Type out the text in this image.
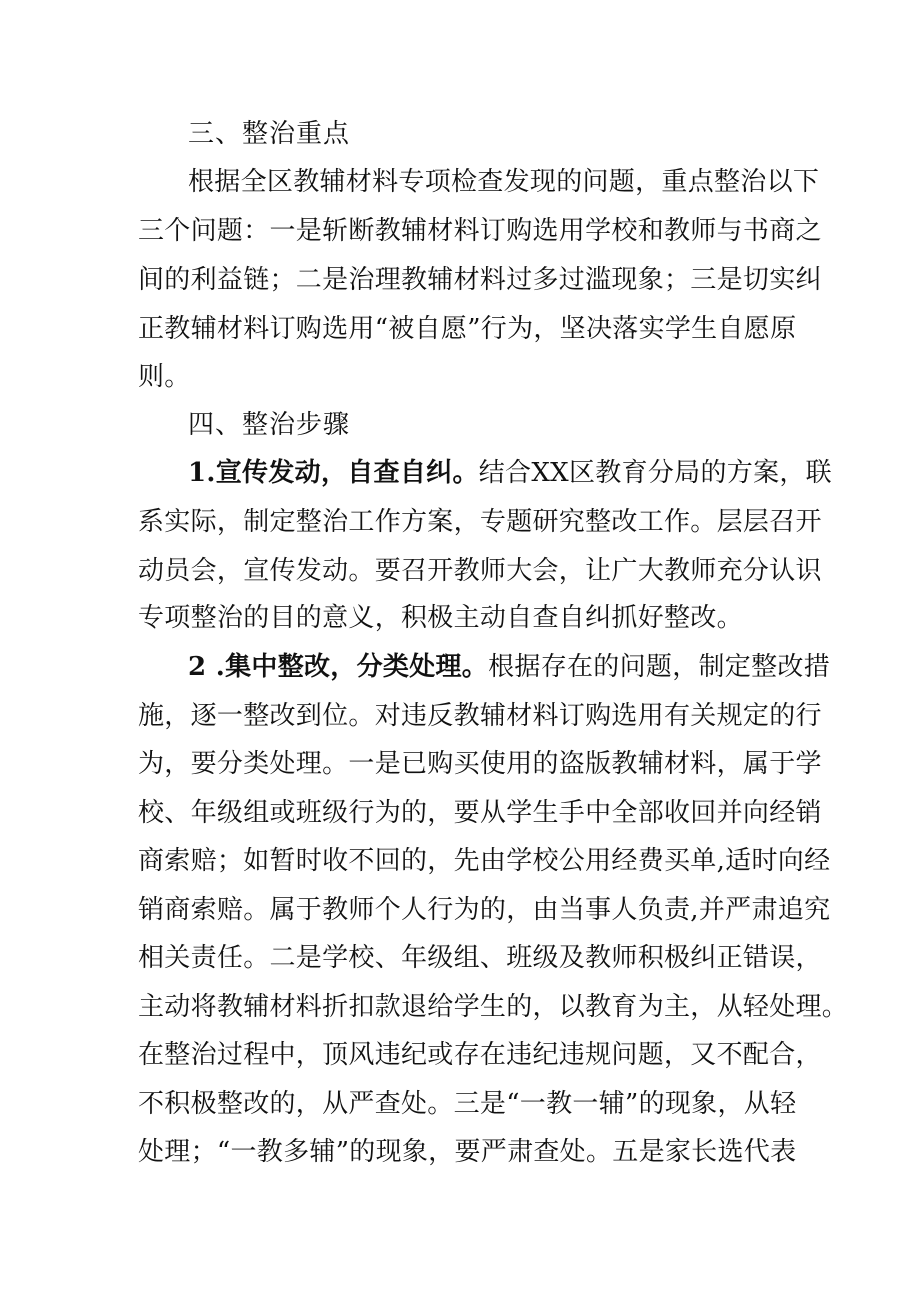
三、整治重点
根据全区教辅材料专项检查发现的问题，重点整治以下
三个问题：一是斩断教辅材料订购选用学校和教师与书商之
间的利益链；二是治理教辅材料过多过滥现象；三是切实纠
正教辅材料订购选用“被自愿”行为，坚决落实学生自愿原
则。
四、整治步骤
1.宣传发动，自查自纠。结合XX区教育分局的方案，联
系实际，制定整治工作方案，专题研究整改工作。层层召开
动员会，宣传发动。要召开教师大会，让广大教师充分认识
专项整治的目的意义，积极主动自查自纠抓好整改。
2 .集中整改，分类处理。根据存在的问题，制定整改措
施，逐一整改到位。对违反教辅材料订购选用有关规定的行
为，要分类处理。一是已购买使用的盗版教辅材料，属于学
校、年级组或班级行为的，要从学生手中全部收回并向经销
商索赔；如暂时收不回的，先由学校公用经费买单,适时向经
销商索赔。属于教师个人行为的，由当事人负责,并严肃追究
相关责任。二是学校、年级组、班级及教师积极纠正错误，
主动将教辅材料折扣款退给学生的，以教育为主，从轻处理。
在整治过程中，顶风违纪或存在违纪违规问题，又不配合，
不积极整改的，从严查处。三是“一教一辅”的现象，从轻
处理；“一教多辅”的现象，要严肃查处。五是家长选代表
